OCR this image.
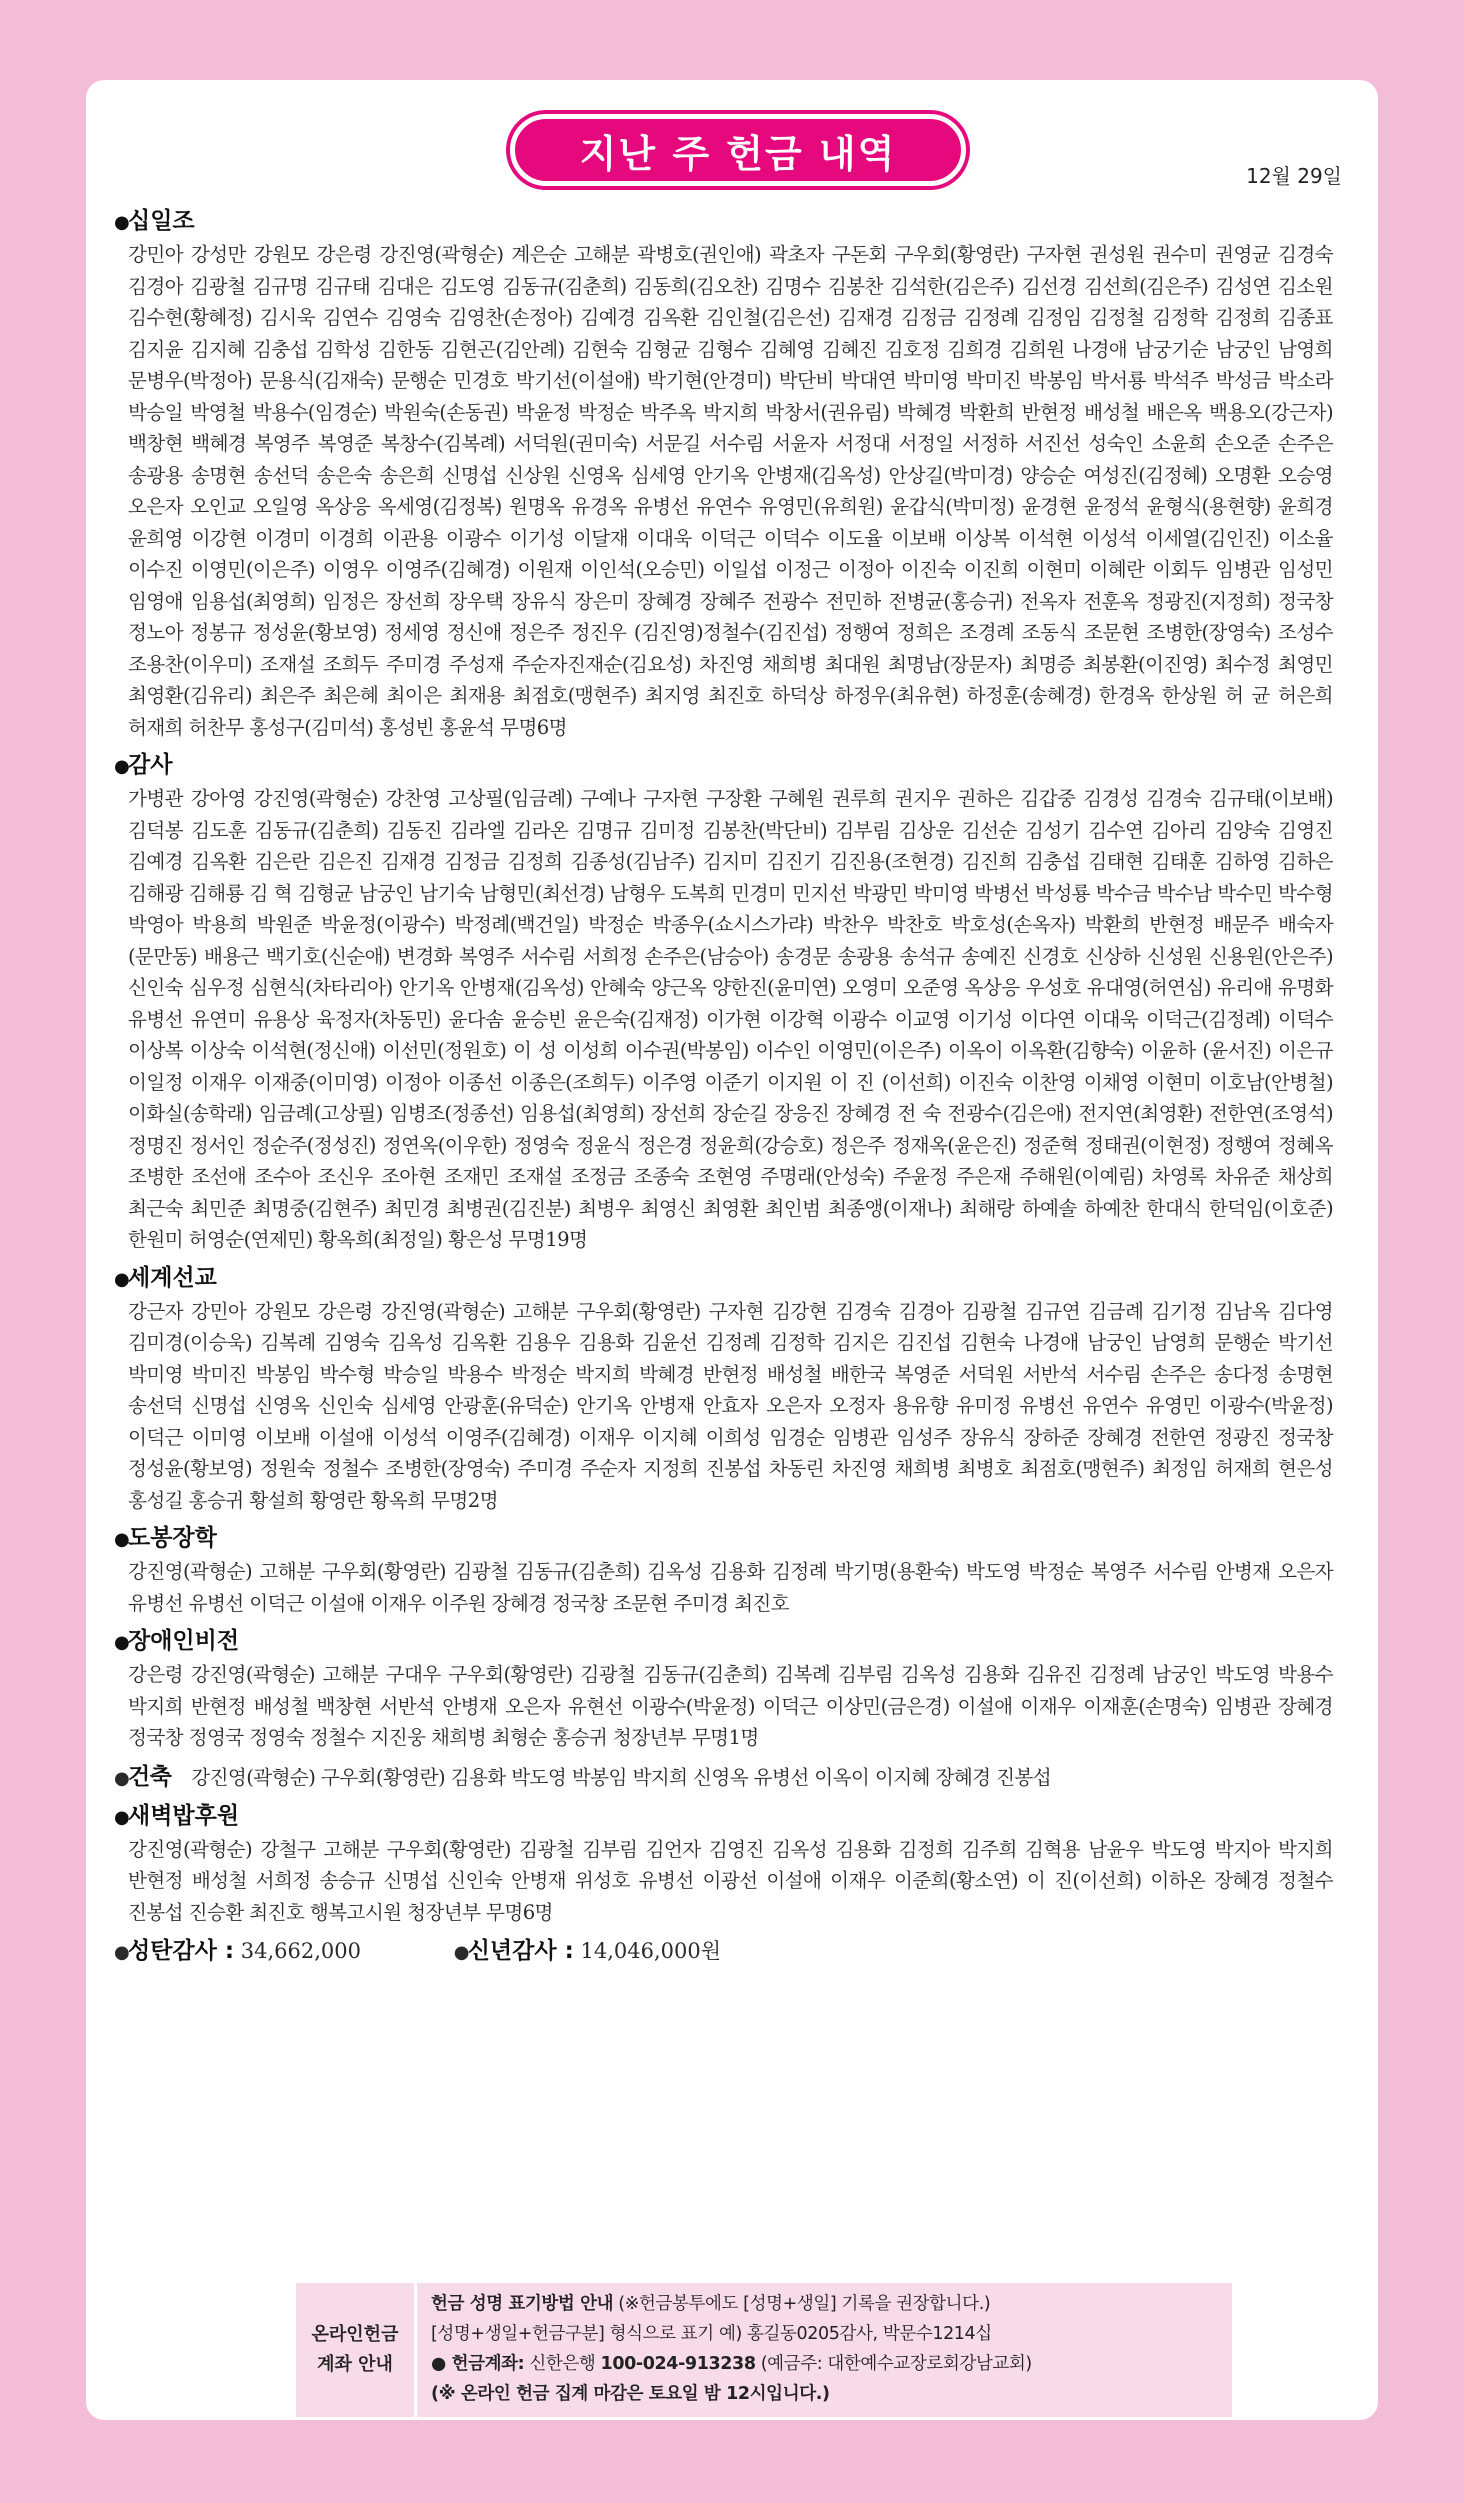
지난 주 헌금 내역
12월 29일
●십일조
강민아 강성만 강원모 강은령 강진영(곽형순) 계은순 고해분 곽병호(권인애) 곽초자 구돈회 구우회(황영란) 구자현 권성원 권수미 권영균 김경숙 김경아 김광철 김규명 김규태 김대은 김도영 김동규(김춘희) 김동희(김오찬) 김명수 김봉찬 김석한(김은주) 김선경 김선희(김은주) 김성연 김소원 김수현(황혜정) 김시욱 김연수 김영숙 김영찬(손정아) 김예경 김옥환 김인철(김은선) 김재경 김정금 김정례 김정임 김정철 김정학 김정희 김종표 김지윤 김지혜 김충섭 김학성 김한동 김현곤(김안례) 김현숙 김형균 김형수 김혜영 김혜진 김호정 김희경 김희원 나경애 남궁기순 남궁인 남영희 문병우(박정아) 문용식(김재숙) 문행순 민경호 박기선(이설애) 박기현(안경미) 박단비 박대연 박미영 박미진 박봉임 박서룡 박석주 박성금 박소라 박승일 박영철 박용수(임경순) 박원숙(손동권) 박윤정 박정순 박주옥 박지희 박창서(권유림) 박혜경 박환희 반현정 배성철 배은옥 백용오(강근자) 백창현 백혜경 복영주 복영준 복창수(김복례) 서덕원(권미숙) 서문길 서수림 서윤자 서정대 서정일 서정하 서진선 성숙인 소윤희 손오준 손주은 송광용 송명현 송선덕 송은숙 송은희 신명섭 신상원 신영옥 심세영 안기옥 안병재(김옥성) 안상길(박미경) 양승순 여성진(김정혜) 오명환 오승영 오은자 오인교 오일영 옥상응 옥세영(김정복) 원명옥 유경옥 유병선 유연수 유영민(유희원) 윤갑식(박미정) 윤경현 윤정석 윤형식(용현향) 윤희경 윤희영 이강현 이경미 이경희 이관용 이광수 이기성 이달재 이대욱 이덕근 이덕수 이도율 이보배 이상복 이석현 이성석 이세열(김인진) 이소율 이수진 이영민(이은주) 이영우 이영주(김혜경) 이원재 이인석(오승민) 이일섭 이정근 이정아 이진숙 이진희 이현미 이혜란 이회두 임병관 임성민 임영애 임용섭(최영희) 임정은 장선희 장우택 장유식 장은미 장혜경 장혜주 전광수 전민하 전병균(홍승귀) 전옥자 전훈옥 정광진(지정희) 정국창 정노아 정봉규 정성윤(황보영) 정세영 정신애 정은주 정진우 (김진영)정철수(김진섭) 정행여 정희은 조경례 조동식 조문현 조병한(장영숙) 조성수 조용찬(이우미) 조재설 조희두 주미경 주성재 주순자진재순(김요성) 차진영 채희병 최대원 최명남(장문자) 최명증 최봉환(이진영) 최수정 최영민 최영환(김유리) 최은주 최은혜 최이은 최재용 최점호(맹현주) 최지영 최진호 하덕상 하정우(최유현) 하정훈(송혜경) 한경옥 한상원 허 균 허은희 허재희 허찬무 홍성구(김미석) 홍성빈 홍윤석 무명6명
●감사
가병관 강아영 강진영(곽형순) 강찬영 고상필(임금례) 구예나 구자현 구장환 구혜원 권루희 권지우 권하은 김갑중 김경성 김경숙 김규태(이보배) 김덕봉 김도훈 김동규(김춘희) 김동진 김라엘 김라온 김명규 김미정 김봉찬(박단비) 김부림 김상운 김선순 김성기 김수연 김아리 김양숙 김영진 김예경 김옥환 김은란 김은진 김재경 김정금 김정희 김종성(김남주) 김지미 김진기 김진용(조현경) 김진희 김충섭 김태현 김태훈 김하영 김하은 김해광 김해룡 김 혁 김형균 남궁인 남기숙 남형민(최선경) 남형우 도복희 민경미 민지선 박광민 박미영 박병선 박성룡 박수금 박수남 박수민 박수형 박영아 박용희 박원준 박윤정(이광수) 박정례(백건일) 박정순 박종우(쇼시스가랴) 박찬우 박찬호 박호성(손옥자) 박환희 반현정 배문주 배숙자(문만동) 배용근 백기호(신순애) 변경화 복영주 서수림 서희정 손주은(남승아) 송경문 송광용 송석규 송예진 신경호 신상하 신성원 신용원(안은주) 신인숙 심우정 심현식(차타리아) 안기옥 안병재(김옥성) 안혜숙 양근옥 양한진(윤미연) 오영미 오준영 옥상응 우성호 유대영(허연심) 유리애 유명화 유병선 유연미 유용상 육정자(차동민) 윤다솜 윤승빈 윤은숙(김재정) 이가현 이강혁 이광수 이교영 이기성 이다연 이대욱 이덕근(김정례) 이덕수 이상복 이상숙 이석현(정신애) 이선민(정원호) 이 성 이성희 이수권(박봉임) 이수인 이영민(이은주) 이옥이 이옥환(김향숙) 이윤하 (윤서진) 이은규 이일정 이재우 이재중(이미영) 이정아 이종선 이종은(조희두) 이주영 이준기 이지원 이 진 (이선희) 이진숙 이찬영 이채영 이현미 이호남(안병철) 이화실(송학래) 임금례(고상필) 임병조(정종선) 임용섭(최영희) 장선희 장순길 장응진 장혜경 전 숙 전광수(김은애) 전지연(최영환) 전한연(조영석) 정명진 정서인 정순주(정성진) 정연옥(이우한) 정영숙 정윤식 정은경 정윤희(강승호) 정은주 정재옥(윤은진) 정준혁 정태권(이현정) 정행여 정혜옥 조병한 조선애 조수아 조신우 조아현 조재민 조재설 조정금 조종숙 조현영 주명래(안성숙) 주윤정 주은재 주해원(이예림) 차영록 차유준 채상희 최근숙 최민준 최명중(김현주) 최민경 최병권(김진분) 최병우 최영신 최영환 최인범 최종앵(이재나) 최해랑 하예솔 하예찬 한대식 한덕임(이호준) 한원미 허영순(연제민) 황옥희(최정일) 황은성 무명19명
●세계선교
강근자 강민아 강원모 강은령 강진영(곽형순) 고해분 구우회(황영란) 구자현 김강현 김경숙 김경아 김광철 김규연 김금례 김기정 김남옥 김다영 김미경(이승욱) 김복례 김영숙 김옥성 김옥환 김용우 김용화 김윤선 김정례 김정학 김지은 김진섭 김현숙 나경애 남궁인 남영희 문행순 박기선 박미영 박미진 박봉임 박수형 박승일 박용수 박정순 박지희 박혜경 반현정 배성철 배한국 복영준 서덕원 서반석 서수림 손주은 송다정 송명현 송선덕 신명섭 신영옥 신인숙 심세영 안광훈(유덕순) 안기옥 안병재 안효자 오은자 오정자 용유향 유미정 유병선 유연수 유영민 이광수(박윤정) 이덕근 이미영 이보배 이설애 이성석 이영주(김혜경) 이재우 이지혜 이희성 임경순 임병관 임성주 장유식 장하준 장혜경 전한연 정광진 정국창 정성윤(황보영) 정원숙 정철수 조병한(장영숙) 주미경 주순자 지정희 진봉섭 차동린 차진영 채희병 최병호 최점호(맹현주) 최정임 허재희 현은성 홍성길 홍승귀 황설희 황영란 황옥희 무명2명
●도봉장학
강진영(곽형순) 고해분 구우회(황영란) 김광철 김동규(김춘희) 김옥성 김용화 김정례 박기명(용환숙) 박도영 박정순 복영주 서수림 안병재 오은자 유병선 유병선 이덕근 이설애 이재우 이주원 장혜경 정국창 조문현 주미경 최진호
●장애인비전
강은령 강진영(곽형순) 고해분 구대우 구우회(황영란) 김광철 김동규(김춘희) 김복례 김부림 김옥성 김용화 김유진 김정례 남궁인 박도영 박용수 박지희 반현정 배성철 백창현 서반석 안병재 오은자 유현선 이광수(박윤정) 이덕근 이상민(금은경) 이설애 이재우 이재훈(손명숙) 임병관 장혜경 정국창 정영국 정영숙 정철수 지진웅 채희병 최형순 홍승귀 청장년부 무명1명
●건축 강진영(곽형순) 구우회(황영란) 김용화 박도영 박봉임 박지희 신영옥 유병선 이옥이 이지혜 장혜경 진봉섭
●새벽밥후원
강진영(곽형순) 강철구 고해분 구우회(황영란) 김광철 김부림 김언자 김영진 김옥성 김용화 김정희 김주희 김혁용 남윤우 박도영 박지아 박지희 반현정 배성철 서희정 송승규 신명섭 신인숙 안병재 위성호 유병선 이광선 이설애 이재우 이준희(황소연) 이 진(이선희) 이하온 장혜경 정철수 진봉섭 진승환 최진호 행복고시원 청장년부 무명6명
●성탄감사 : 34,662,000	●신년감사 : 14,046,000원
온라인헌금
계좌 안내
헌금 성명 표기방법 안내 (※헌금봉투에도 [성명+생일] 기록을 권장합니다.)
[성명+생일+헌금구분] 형식으로 표기 예) 홍길동0205감사, 박문수1214십
● 헌금계좌: 신한은행 100-024-913238 (예금주: 대한예수교장로회강남교회)
(※ 온라인 헌금 집계 마감은 토요일 밤 12시입니다.)
